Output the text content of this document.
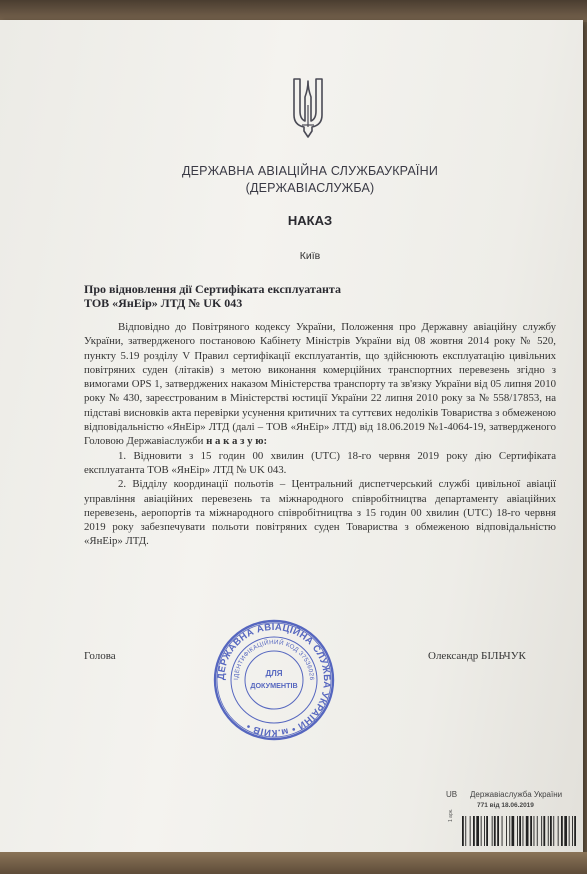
ДЕРЖАВНА АВІАЦІЙНА СЛУЖБАУКРАЇНИ
(ДЕРЖАВІАСЛУЖБА)
НАКАЗ
Київ
Про відновлення дії Сертифіката експлуатанта
ТОВ «ЯнЕір» ЛТД № UK 043

Відповідно до Повітряного кодексу України, Положення про Державну авіаційну службу України, затвердженого постановою Кабінету Міністрів України від 08 жовтня 2014 року № 520, пункту 5.19 розділу V Правил сертифікації експлуатантів, що здійснюють експлуатацію цивільних повітряних суден (літаків) з метою виконання комерційних транспортних перевезень згідно з вимогами OPS 1, затверджених наказом Міністерства транспорту та зв'язку України від 05 липня 2010 року № 430, зареєстрованим в Міністерстві юстиції України 22 липня 2010 року за № 558/17853, на підставі висновків акта перевірки усунення критичних та суттєвих недоліків Товариства з обмеженою відповідальністю «ЯнЕір» ЛТД (далі – ТОВ «ЯнЕір» ЛТД) від 18.06.2019 №1-4064-19, затвердженого Головою Державіаслужби н а к а з у ю:

1. Відновити з 15 годин 00 хвилин (UTC) 18-го червня 2019 року дію Сертифіката експлуатанта ТОВ «ЯнЕір» ЛТД № UK 043.

2. Відділу координації польотів – Центральний диспетчерський службі цивільної авіації управління авіаційних перевезень та міжнародного співробітництва департаменту авіаційних перевезень, аеропортів та міжнародного співробітництва з 15 годин 00 хвилин (UTC) 18-го червня 2019 року забезпечувати польоти повітряних суден Товариства з обмеженою відповідальністю «ЯнЕір» ЛТД.

Голова	Олександр БІЛЬЧУК
ДЕРЖАВНА АВІАЦІЙНА СЛУЖБА УКРАЇНИ • м.КИЇВ •
ІДЕНТИФІКАЦІЙНИЙ КОД 37536026
ДЛЯ
ДОКУМЕНТІВ
UB Державіаслужба України
771 від 18.06.2019
1 арк.
